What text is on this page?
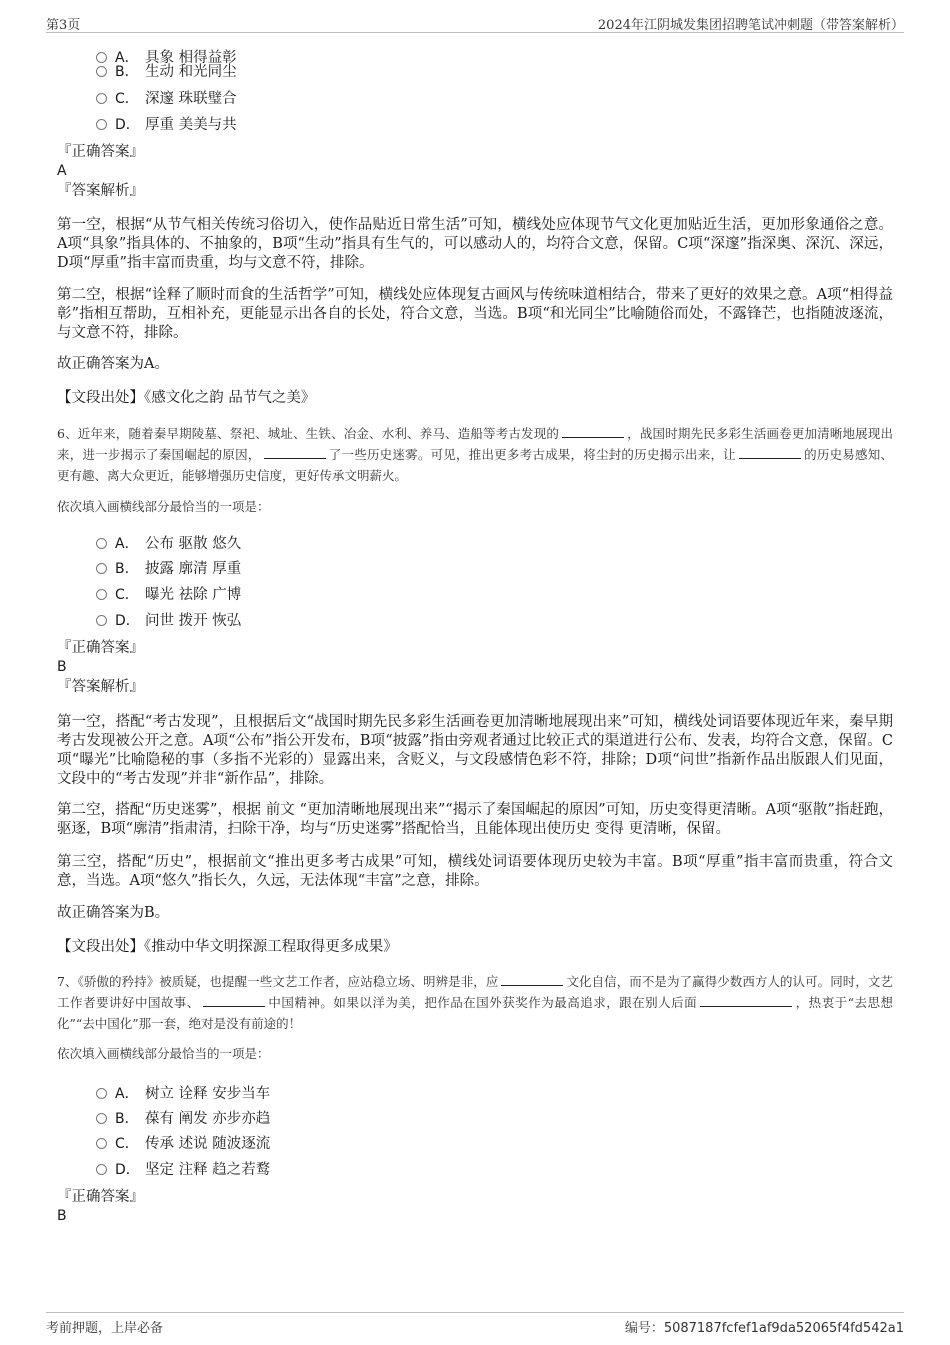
第3页	2024年江阴城发集团招聘笔试冲刺题（带答案解析）
A． 具象 相得益彰
B． 生动 和光同尘
C． 深邃 珠联璧合
D． 厚重 美美与共
『正确答案』
A
『答案解析』
第一空，根据“从节气相关传统习俗切入，使作品贴近日常生活”可知，横线处应体现节气文化更加贴近生活，更加形象通俗之意。A项“具象”指具体的、不抽象的，B项“生动”指具有生气的，可以感动人的，均符合文意，保留。C项“深邃”指深奥、深沉、深远，D项“厚重”指丰富而贵重，均与文意不符，排除。
第二空，根据“诠释了顺时而食的生活哲学”可知，横线处应体现复古画风与传统味道相结合，带来了更好的效果之意。A项“相得益彰”指相互帮助，互相补充，更能显示出各自的长处，符合文意，当选。B项“和光同尘”比喻随俗而处，不露锋芒，也指随波逐流，与文意不符，排除。
故正确答案为A。
【文段出处】《感文化之韵 品节气之美》
6、近年来，随着秦早期陵墓、祭祀、城址、生铁、冶金、水利、养马、造船等考古发现的	，战国时期先民多彩生活画卷更加清晰地展现出来，进一步揭示了秦国崛起的原因，	了一些历史迷雾。可见，推出更多考古成果，将尘封的历史揭示出来，让	的历史易感知、更有趣、离大众更近，能够增强历史信度，更好传承文明薪火。
依次填入画横线部分最恰当的一项是：
A． 公布 驱散 悠久
B． 披露 廓清 厚重
C． 曝光 祛除 广博
D． 问世 拨开 恢弘
『正确答案』
B
『答案解析』
第一空，搭配“考古发现”，且根据后文“战国时期先民多彩生活画卷更加清晰地展现出来”可知，横线处词语要体现近年来，秦早期考古发现被公开之意。A项“公布”指公开发布，B项“披露”指由旁观者通过比较正式的渠道进行公布、发表，均符合文意，保留。C项“曝光”比喻隐秘的事（多指不光彩的）显露出来，含贬义，与文段感情色彩不符，排除；D项“问世”指新作品出版跟人们见面，文段中的“考古发现”并非“新作品”，排除。
第二空，搭配“历史迷雾”，根据 前文 “更加清晰地展现出来”“揭示了秦国崛起的原因”可知，历史变得更清晰。A项“驱散”指赶跑，驱逐，B项“廓清”指肃清，扫除干净，均与“历史迷雾”搭配恰当，且能体现出使历史 变得 更清晰，保留。
第三空，搭配“历史”，根据前文“推出更多考古成果”可知，横线处词语要体现历史较为丰富。B项“厚重”指丰富而贵重，符合文意，当选。A项“悠久”指长久，久远，无法体现“丰富”之意，排除。
故正确答案为B。
【文段出处】《推动中华文明探源工程取得更多成果》
7、《骄傲的矜持》被质疑，也提醒一些文艺工作者，应站稳立场、明辨是非，应	文化自信，而不是为了赢得少数西方人的认可。同时，文艺工作者要讲好中国故事、	中国精神。如果以洋为美，把作品在国外获奖作为最高追求，跟在别人后面	，热衷于“去思想化”“去中国化”那一套，绝对是没有前途的！
依次填入画横线部分最恰当的一项是：
A． 树立 诠释 安步当车
B． 葆有 阐发 亦步亦趋
C． 传承 述说 随波逐流
D． 坚定 注释 趋之若鹜
『正确答案』
B
考前押题，上岸必备	编号：5087187fcfef1af9da52065f4fd542a1
